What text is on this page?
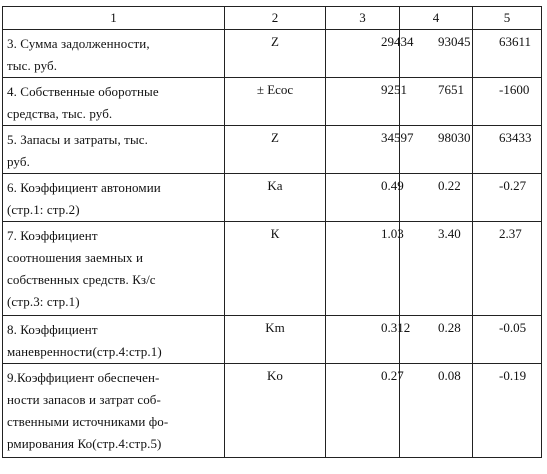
1	2	3	4	5

3. Сумма задолженности,
тыс. руб.	Z	29434	93045	63611

4. Собственные оборотные
средства, тыс. руб.	± Ecoc	9251	7651	-1600

5. Запасы и затраты, тыс.
руб.	Z	34597	98030	63433

6. Коэффициент автономии
(стр.1: стр.2)	Ka	0.49	0.22	-0.27

7. Коэффициент
соотношения заемных и
собственных средств. Кз/с
(стр.3: стр.1)	К	1.03	3.40	2.37

8. Коэффициент
маневренности(стр.4:стр.1)	Km	0.312	0.28	-0.05

9.Коэффициент обеспечен-
ности запасов и затрат соб-
ственными источниками фо-
рмирования Ко(стр.4:стр.5)	Ko	0.27	0.08	-0.19
